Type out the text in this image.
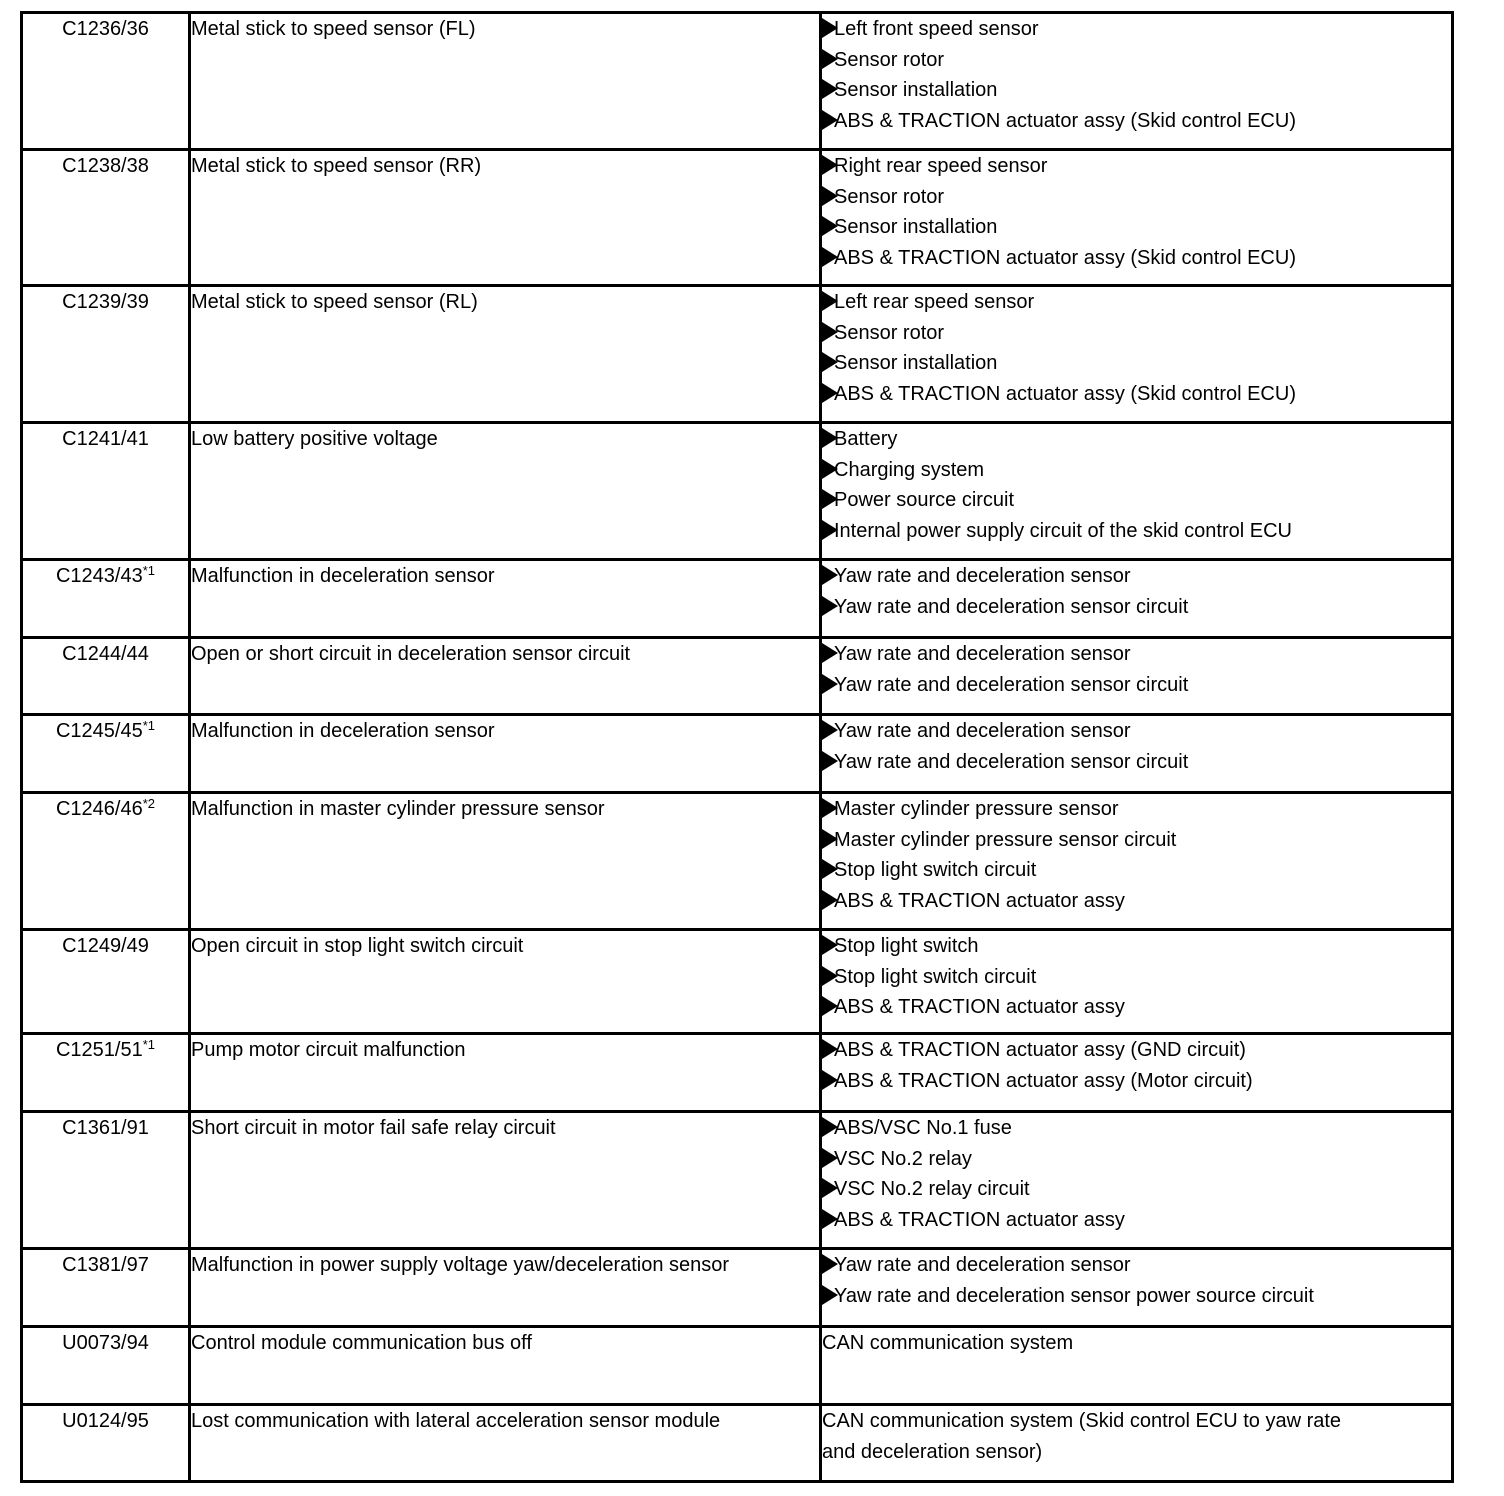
C1236/36	Metal stick to speed sensor (FL)	Left front speed sensor
Sensor rotor
Sensor installation
ABS & TRACTION actuator assy (Skid control ECU)

C1238/38	Metal stick to speed sensor (RR)	Right rear speed sensor
Sensor rotor
Sensor installation
ABS & TRACTION actuator assy (Skid control ECU)

C1239/39	Metal stick to speed sensor (RL)	Left rear speed sensor
Sensor rotor
Sensor installation
ABS & TRACTION actuator assy (Skid control ECU)

C1241/41	Low battery positive voltage	Battery
Charging system
Power source circuit
Internal power supply circuit of the skid control ECU

C1243/43$^{*1}$	Malfunction in deceleration sensor	Yaw rate and deceleration sensor
Yaw rate and deceleration sensor circuit

C1244/44	Open or short circuit in deceleration sensor circuit	Yaw rate and deceleration sensor
Yaw rate and deceleration sensor circuit

C1245/45$^{*1}$	Malfunction in deceleration sensor	Yaw rate and deceleration sensor
Yaw rate and deceleration sensor circuit

C1246/46$^{*2}$	Malfunction in master cylinder pressure sensor	Master cylinder pressure sensor
Master cylinder pressure sensor circuit
Stop light switch circuit
ABS & TRACTION actuator assy

C1249/49	Open circuit in stop light switch circuit	Stop light switch
Stop light switch circuit
ABS & TRACTION actuator assy

C1251/51$^{*1}$	Pump motor circuit malfunction	ABS & TRACTION actuator assy (GND circuit)
ABS & TRACTION actuator assy (Motor circuit)

C1361/91	Short circuit in motor fail safe relay circuit	ABS/VSC No.1 fuse
VSC No.2 relay
VSC No.2 relay circuit
ABS & TRACTION actuator assy

C1381/97	Malfunction in power supply voltage yaw/deceleration sensor	Yaw rate and deceleration sensor
Yaw rate and deceleration sensor power source circuit

U0073/94	Control module communication bus off	CAN communication system

U0124/95	Lost communication with lateral acceleration sensor module	CAN communication system (Skid control ECU to yaw rate
and deceleration sensor)
